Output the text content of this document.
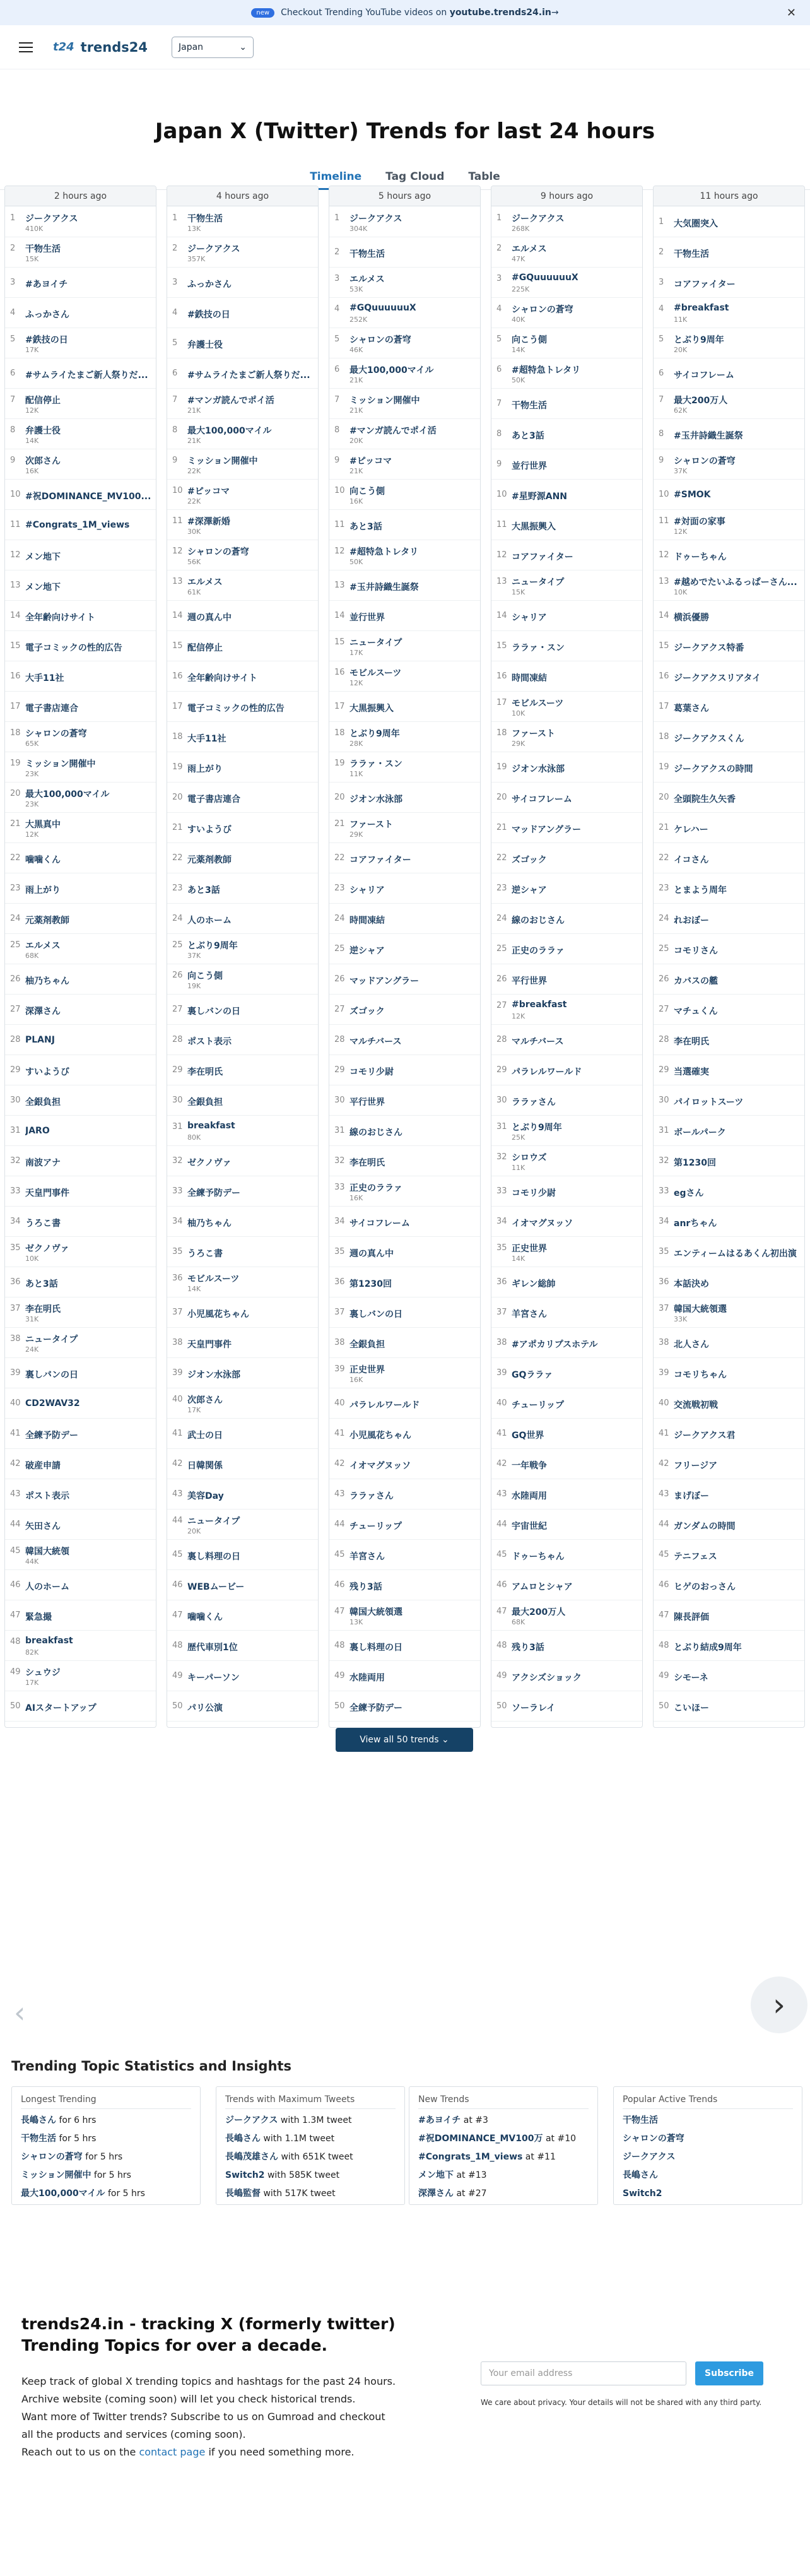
new	Checkout Trending YouTube videos on youtube.trends24.in→	✕
t24 trends24	Japan	⌄
Japan X (Twitter) Trends for last 24 hours
Timeline Tag Cloud Table
2 hours ago
1	ジークアクス
410K
2	干物生活
15K
3	#あヨイチ
4	ふっかさん
5	#鉄技の日
17K
6	#サムライたまご新人祭りだ...
7	配信停止
12K
8	弁護士役
14K
9	次郎さん
16K
10 #祝DOMINANCE_MV100...
11 #Congrats_1M_views
12 メン地下
13 メン地下
14 全年齢向けサイト
15 電子コミックの性的広告
16 大手11社
17 電子書店連合
18 シャロンの蒼穹
65K
19 ミッション開催中
23K
20 最大100,000マイル
23K
21 大黒真中
12K
22 噛噛くん
23 雨上がり
24 元薬剤教師
25 エルメス
68K
26 柚乃ちゃん
27 深澤さん
28 PLANJ
29 すいようび
30 全銀負担
31 JARO
32 南波アナ
33 天皇門事件
34 うろこ書
35 ゼクノヴァ
10K
36 あと3話
37 李在明氏
31K
38 ニュータイプ
24K
39 裏しバンの日
40 CD2WAV32
41 全練予防デー
42 破産申請
43 ポスト表示
44 矢田さん
45 韓国大統領
44K
46 人のホーム
47 緊急撮
48 breakfast
82K
49 シュウジ
17K
50 AIスタートアップ
4 hours ago
1	干物生活
13K
2	ジークアクス
357K
3	ふっかさん
4	#鉄技の日
5	弁護士役
6	#サムライたまご新人祭りだ...
7	#マンガ読んでポイ活
21K
8	最大100,000マイル
21K
9	ミッション開催中
22K
10 #ピッコマ
22K
11 #深澤新婚
30K
12 シャロンの蒼穹
56K
13 エルメス
61K
14 週の真ん中
15 配信停止
16 全年齢向けサイト
17 電子コミックの性的広告
18 大手11社
19 雨上がり
20 電子書店連合
21 すいようび
22 元薬剤教師
23 あと3話
24 人のホーム
25 とぶり9周年
37K
26 向こう側
19K
27 裏しバンの日
28 ポスト表示
29 李在明氏
30 全銀負担
31 breakfast
80K
32 ゼクノヴァ
33 全練予防デー
34 柚乃ちゃん
35 うろこ書
36 モビルスーツ
14K
37 小児風花ちゃん
38 天皇門事件
39 ジオン水泳部
40 次郎さん
17K
41 武士の日
42 日韓関係
43 美容Day
44 ニュータイプ
20K
45 裏し料理の日
46 WEBムービー
47 噛噛くん
48 歴代車別1位
49 キーパーソン
50 パリ公演
5 hours ago
1	ジークアクス
304K
2	干物生活
3	エルメス
53K
4	#GQuuuuuuX
252K
5	シャロンの蒼穹
46K
6	最大100,000マイル
21K
7	ミッション開催中
21K
8	#マンガ読んでポイ活
20K
9	#ピッコマ
21K
10 向こう側
16K
11 あと3話
12 #超特急トレタリ
50K
13 #玉井詩織生誕祭
14 並行世界
15 ニュータイプ
17K
16 モビルスーツ
12K
17 大黒振興入
18 とぶり9周年
28K
19 ララァ・スン
11K
20 ジオン水泳部
21 ファースト
29K
22 コアファイター
23 シャリア
24 時間凍結
25 逆シャア
26 マッドアングラー
27 ズゴック
28 マルチバース
29 コモリ少尉
30 平行世界
31 線のおじさん
32 李在明氏
33 正史のララァ
16K
34 サイコフレーム
35 週の真ん中
36 第1230回
37 裏しバンの日
38 全銀負担
39 正史世界
16K
40 パラレルワールド
41 小児風花ちゃん
42 イオマグヌッソ
43 ララァさん
44 チューリップ
45 羊宮さん
46 残り3話
47 韓国大統領選
13K
48 裏し料理の日
49 水陸両用
50 全練予防デー
9 hours ago
1	ジークアクス
268K
2	エルメス
47K
3	#GQuuuuuuX
225K
4	シャロンの蒼穹
40K
5	向こう側
14K
6	#超特急トレタリ
50K
7	干物生活
8	あと3話
9	並行世界
10 #星野源ANN
11 大黒振興入
12 コアファイター
13 ニュータイプ
15K
14 シャリア
15 ララァ・スン
16 時間凍結
17 モビルスーツ
10K
18 ファースト
29K
19 ジオン水泳部
20 サイコフレーム
21 マッドアングラー
22 ズゴック
23 逆シャア
24 線のおじさん
25 正史のララァ
26 平行世界
27 #breakfast
12K
28 マルチバース
29 パラレルワールド
30 ララァさん
31 とぶり9周年
25K
32 シロウズ
11K
33 コモリ少尉
34 イオマグヌッソ
35 正史世界
14K
36 ギレン総帥
37 羊宮さん
38 #アポカリプスホテル
39 GQララァ
40 チューリップ
41 GQ世界
42 一年戦争
43 水陸両用
44 宇宙世紀
45 ドゥーちゃん
46 アムロとシャア
47 最大200万人
68K
48 残り3話
49 アクシズショック
50 ソーラレイ
11 hours ago
1	大気圏突入
2	干物生活
3	コアファイター
4	#breakfast
11K
5	とぶり9周年
20K
6	サイコフレーム
7	最大200万人
62K
8	#玉井詩織生誕祭
9	シャロンの蒼穹
37K
10 #SMOK
11 #対面の家事
12K
12 ドゥーちゃん
13 #越めでたいふるっぱーさん...
10K
14 横浜優勝
15 ジークアクス特番
16 ジークアクスリアタイ
17 葛葉さん
18 ジークアクスくん
19 ジークアクスの時間
20 全頭院生久矢香
21 ケレハー
22 イコさん
23 とまよう周年
24 れおぼー
25 コモリさん
26 カバスの艦
27 マチュくん
28 李在明氏
29 当選確実
30 パイロットスーツ
31 ボールパーク
32 第1230回
33 egさん
34 anrちゃん
35 エンティームはるあくん初出演
36 本話決め
37 韓国大統領選
33K
38 北人さん
39 コモリちゃん
40 交流戦初戦
41 ジークアクス君
42 フリージア
43 まげぼー
44 ガンダムの時間
45 テニフェス
46 ヒゲのおっさん
47 陳長評価
48 とぶり結成9周年
49 シモーネ
50 こいほー
View all 50 trends ⌄
‹	›
Trending Topic Statistics and Insights
Longest Trending

長嶋さん for 6 hrs

干物生活 for 5 hrs

シャロンの蒼穹 for 5 hrs

ミッション開催中 for 5 hrs

最大100,000マイル for 5 hrs

Trends with Maximum Tweets

ジークアクス with 1.3M tweet

長嶋さん with 1.1M tweet

長嶋茂雄さん with 651K tweet

Switch2 with 585K tweet

長嶋監督 with 517K tweet

New Trends

#あヨイチ at #3

#祝DOMINANCE_MV100万 at #10

#Congrats_1M_views at #11

メン地下 at #13

深澤さん at #27

Popular Active Trends

干物生活

シャロンの蒼穹

ジークアクス

長嶋さん

Switch2

trends24.in - tracking X (formerly twitter)
Trending Topics for over a decade.
Keep track of global X trending topics and hashtags for the past 24 hours.
Archive website (coming soon) will let you check historical trends.
Want more of Twitter trends? Subscribe to us on Gumroad and checkout all the products and services (coming soon).
Reach out to us on the contact page if you need something more.
Your email address	Subscribe
We care about privacy. Your details will not be shared with any third party.
